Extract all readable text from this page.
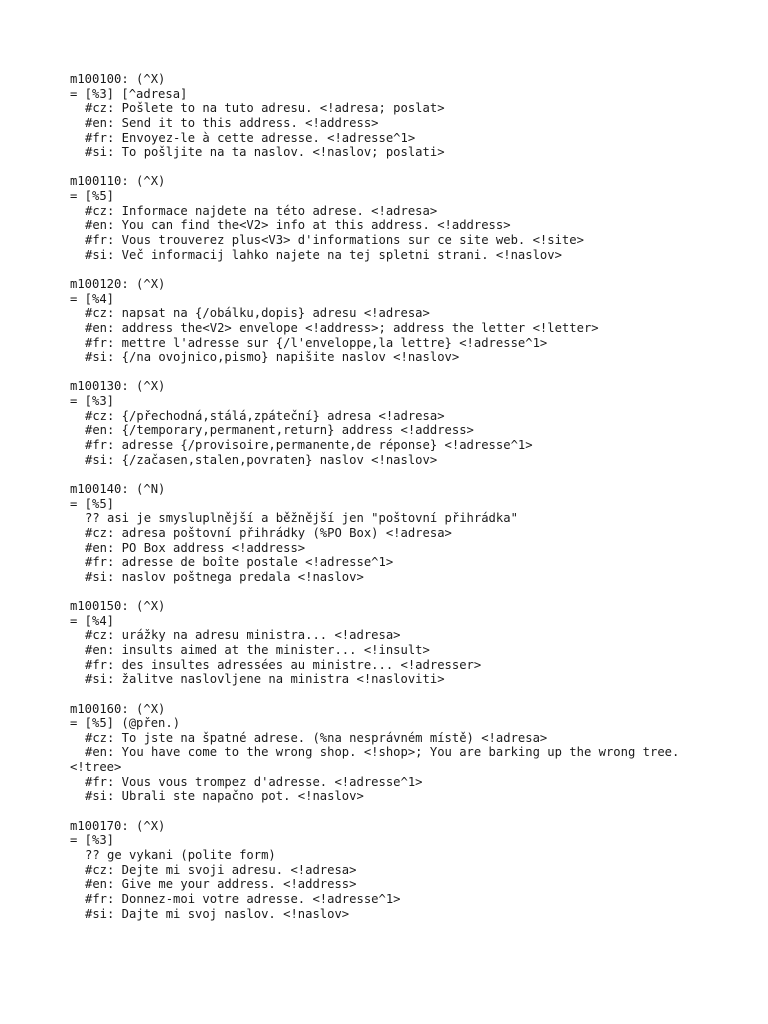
m100100: (^X)
= [%3] [^adresa]
#cz: Pošlete to na tuto adresu. <!adresa; poslat>
#en: Send it to this address. <!address>
#fr: Envoyez-le à cette adresse. <!adresse^1>
#si: To pošljite na ta naslov. <!naslov; poslati>
m100110: (^X)
= [%5]
#cz: Informace najdete na této adrese. <!adresa>
#en: You can find the<V2> info at this address. <!address>
#fr: Vous trouverez plus<V3> d'informations sur ce site web. <!site>
#si: Več informacij lahko najete na tej spletni strani. <!naslov>
m100120: (^X)
= [%4]
#cz: napsat na {/obálku,dopis} adresu <!adresa>
#en: address the<V2> envelope <!address>; address the letter <!letter>
#fr: mettre l'adresse sur {/l'enveloppe,la lettre} <!adresse^1>
#si: {/na ovojnico,pismo} napišite naslov <!naslov>
m100130: (^X)
= [%3]
#cz: {/přechodná,stálá,zpáteční} adresa <!adresa>
#en: {/temporary,permanent,return} address <!address>
#fr: adresse {/provisoire,permanente,de réponse} <!adresse^1>
#si: {/začasen,stalen,povraten} naslov <!naslov>
m100140: (^N)
= [%5]
?? asi je smysluplnější a běžnější jen "poštovní přihrádka"
#cz: adresa poštovní přihrádky (%PO Box) <!adresa>
#en: PO Box address <!address>
#fr: adresse de boîte postale <!adresse^1>
#si: naslov poštnega predala <!naslov>
m100150: (^X)
= [%4]
#cz: urážky na adresu ministra... <!adresa>
#en: insults aimed at the minister... <!insult>
#fr: des insultes adressées au ministre... <!adresser>
#si: žalitve naslovljene na ministra <!nasloviti>
m100160: (^X)
= [%5] (@přen.)
#cz: To jste na špatné adrese. (%na nesprávném místě) <!adresa>
#en: You have come to the wrong shop. <!shop>; You are barking up the wrong tree.
<!tree>
#fr: Vous vous trompez d'adresse. <!adresse^1>
#si: Ubrali ste napačno pot. <!naslov>
m100170: (^X)
= [%3]
?? ge vykani (polite form)
#cz: Dejte mi svoji adresu. <!adresa>
#en: Give me your address. <!address>
#fr: Donnez-moi votre adresse. <!adresse^1>
#si: Dajte mi svoj naslov. <!naslov>
